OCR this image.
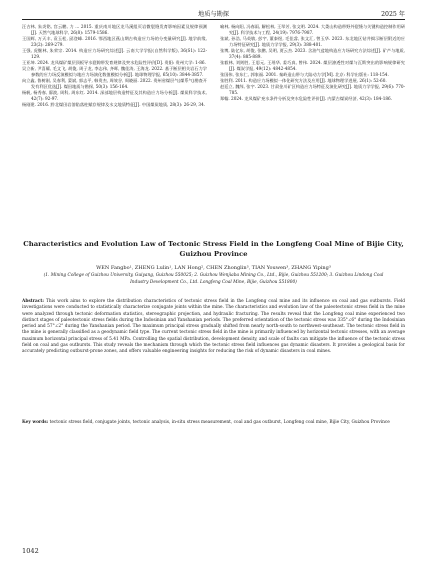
地质与勘探	2025 年

汪吉林, 朱炎铭, 宫云鹏, 力 … 2015. 重庆南川地区龙马溪组页岩微裂缝发育影响因素及规律预测[J]. 天然气地球科学, 26(8): 1579-1586.

王国辉, 万天丰, 袁玉松, 邱登峰. 2016. 鄂西地区燕山期古构造应力场的分变量研究[J]. 地学前缘, 23(2): 269-279.

王强, 虎继林, 朱荣宗. 2014. 构造应力场研究综述[J]. 云南大学学报(自然科学版), 36(S1): 122-129.

王亚坤. 2024. 龙凤煤矿煤层顶板导水裂隙带发育规律及突水危险性评价[D]. 贵阳: 贵州大学: 1-86.

吴立新, 尹喜耀, 毛文飞, 胡俊, 周子龙, 李志伟, 齐晖, 魏佳涛, 王海龙. 2022. 基于断层相关岩石力学参数的应力场反演模拟与地应力场演化数值模拟分析[J]. 地球物理学报, 65(10): 3844-3857.

向立鑫, 鲁树刚, 吴春利, 蒙斌, 郭志平, 韩贵杰, 周效谷, 周晓丽. 2022. 贵州省煤层气(煤系气)勘查开发有利区优选[J]. 煤田地质与勘探, 50(3): 156-164.

杨帆, 杨秀春, 廖波, 周科, 周东红. 2014. 深部地层构造特征及其构造应力场分析[J]. 煤炭科学技术, 42(7): 92-97.

杨刚建. 2016. 黔北煤田岩溶陷落柱赋存规律及水文地质特征[J]. 中国煤炭地质, 28(3): 26-29, 34.

喻林, 杨向阳, 冯春雨, 解松林, 王翠芳, 张文明. 2024. 大娄山构造带野外裂缝与关键构造控制作用研究[J]. 科学技术与工程, 24(19): 7976-7987.

张斌, 孙浩, 马英敏, 彭宇, 董泰煜, 毛佳睿, 张文汇, 曾玉华. 2023. 东北地区钻井揭示断层附近的应力场特征研究[J]. 地质力学学报, 29(3): 388-401.

张博, 陆亿东, 胡俊, 张鹏, 吴明, 贾云杰. 2023. 含油气盆地构造应力场研究方法综述[J]. 矿产与地质, 37(4): 885-889.

张毅林, 刘则胜, 王思元, 王瑶华, 姜巧真, 曾伟. 2024. 煤层渗透性对煤与瓦斯突出的影响规律研究[J]. 煤炭学报, 49(12): 4842-4854.

张国伟, 张东仁, 郭家福. 2001. 秦岭造山带与大陆动力学[M]. 北京: 科学出版社: 118-154.

张胜利. 2011. 构造应力场模拟一体化研究方法及应用[J]. 地球物理学进展, 26(1): 52-60.

赵廷立, 魏纬, 张宇. 2023. 甘肃金川矿区构造应力场特征及演化研究[J]. 地质力学学报, 29(6): 770-785.

郑翰. 2024. 龙凤煤矿充水条件分析及突水危险性评价[J]. 内蒙古煤炭经济, 42(3): 184-186.

Characteristics and Evolution Law of Tectonic Stress Field in the Longfeng Coal Mine of Bijie City, Guizhou Province
WEN Fangbo¹, ZHENG Lulin¹, LAN Hong², CHEN Zhonglin³, TIAN Youwen³, ZHANG Yiping³
(1. Mining College of Guizhou University, Guiyang, Guizhou 550025; 2. Guizhou Wenjiaba Mining Co., Ltd., Bijie, Guizhou 551200; 3. Guizhou Lindong Coal Industry Development Co., Ltd. Longfeng Coal Mine, Bijie, Guizhou 551800)
Abstract: This work aims to explore the distribution characteristics of tectonic stress field in the Longfeng coal mine and its influence on coal and gas outbursts. Field investigations were conducted to statistically characterize conjugate joints within the mine. The characteristics and evolution law of the paleotectonic stress field in the mine were analyzed through tectonic deformation statistics, stereographic projection, and hydraulic fracturing. The results reveal that the Longfeng coal mine experienced two distinct stages of paleotectonic stress fields during the Indosinian and Yanshanian periods. The preferred orientation of the tectonic stress was 335°∠6° during the Indosinian period and 57°∠2° during the Yanshanian period. The maximum principal stress gradually shifted from nearly north-south to northwest-southeast. The tectonic stress field in the mine is generally classified as a geodynamic field type. The current tectonic stress field in the mine is primarily influenced by horizontal tectonic stresses, with an average maximum horizontal principal stress of 5.41 MPa. Controlling the spatial distribution, development density, and scale of faults can mitigate the influence of the tectonic stress field on coal and gas outbursts. This study reveals the mechanism through which the tectonic stress field influences gas dynamic disasters. It provides a geological basis for accurately predicting outburst-prone zones, and offers valuable engineering insights for reducing the risk of dynamic disasters in coal mines.
Key words: tectonic stress field, conjugate joints, tectonic analysis, in-situ stress measurement, coal and gas outburst, Longfeng coal mine, Bijie City, Guizhou Province
1042
